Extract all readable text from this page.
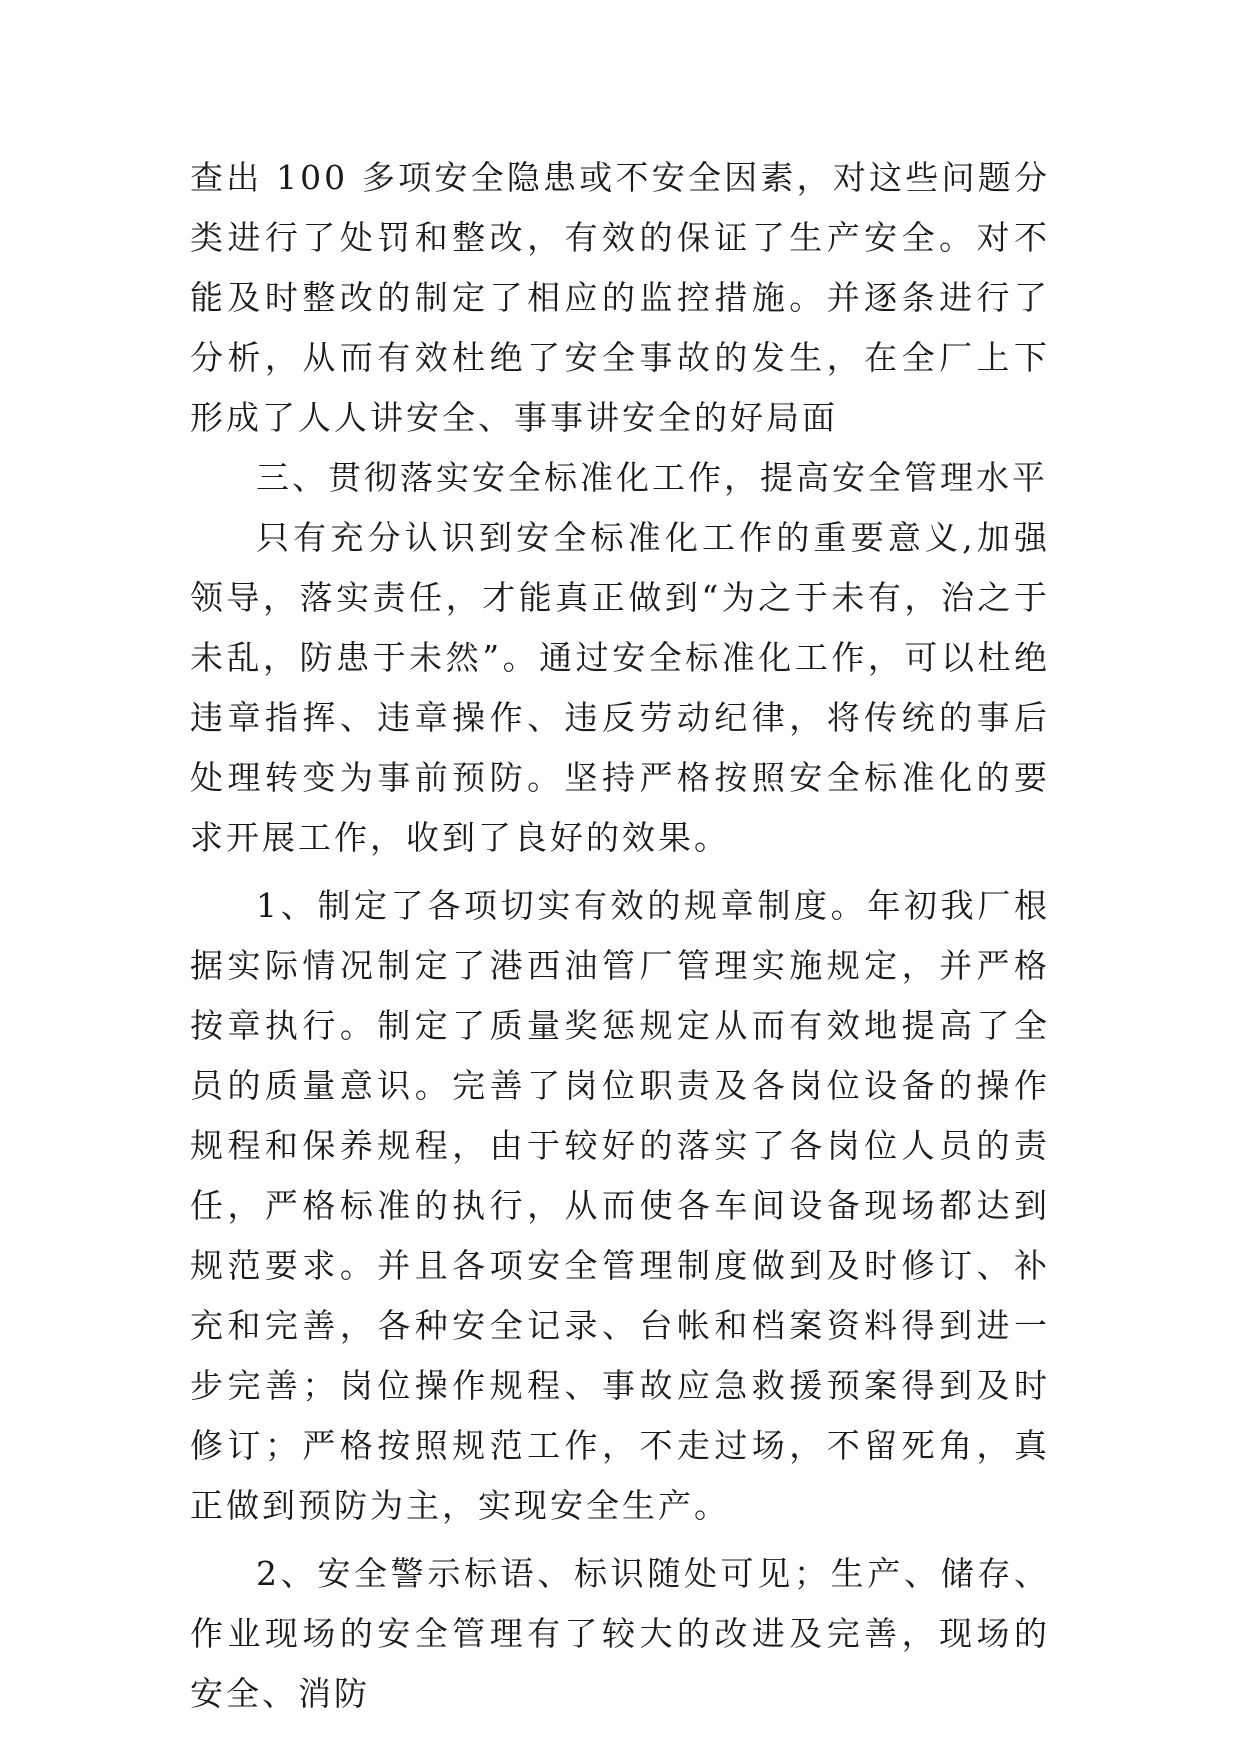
查出 100 多项安全隐患或不安全因素，对这些问题分类进行了处罚和整改，有效的保证了生产安全。对不能及时整改的制定了相应的监控措施。并逐条进行了分析，从而有效杜绝了安全事故的发生，在全厂上下形成了人人讲安全、事事讲安全的好局面

三、贯彻落实安全标准化工作，提高安全管理水平

只有充分认识到安全标准化工作的重要意义,加强领导，落实责任，才能真正做到“为之于未有，治之于未乱，防患于未然”。通过安全标准化工作，可以杜绝违章指挥、违章操作、违反劳动纪律，将传统的事后处理转变为事前预防。坚持严格按照安全标准化的要求开展工作，收到了良好的效果。

1、制定了各项切实有效的规章制度。年初我厂根据实际情况制定了港西油管厂管理实施规定，并严格按章执行。制定了质量奖惩规定从而有效地提高了全员的质量意识。完善了岗位职责及各岗位设备的操作规程和保养规程，由于较好的落实了各岗位人员的责任，严格标准的执行，从而使各车间设备现场都达到规范要求。并且各项安全管理制度做到及时修订、补充和完善，各种安全记录、台帐和档案资料得到进一步完善；岗位操作规程、事故应急救援预案得到及时修订；严格按照规范工作，不走过场，不留死角，真正做到预防为主，实现安全生产。

2、安全警示标语、标识随处可见；生产、储存、作业现场的安全管理有了较大的改进及完善，现场的安全、消防
